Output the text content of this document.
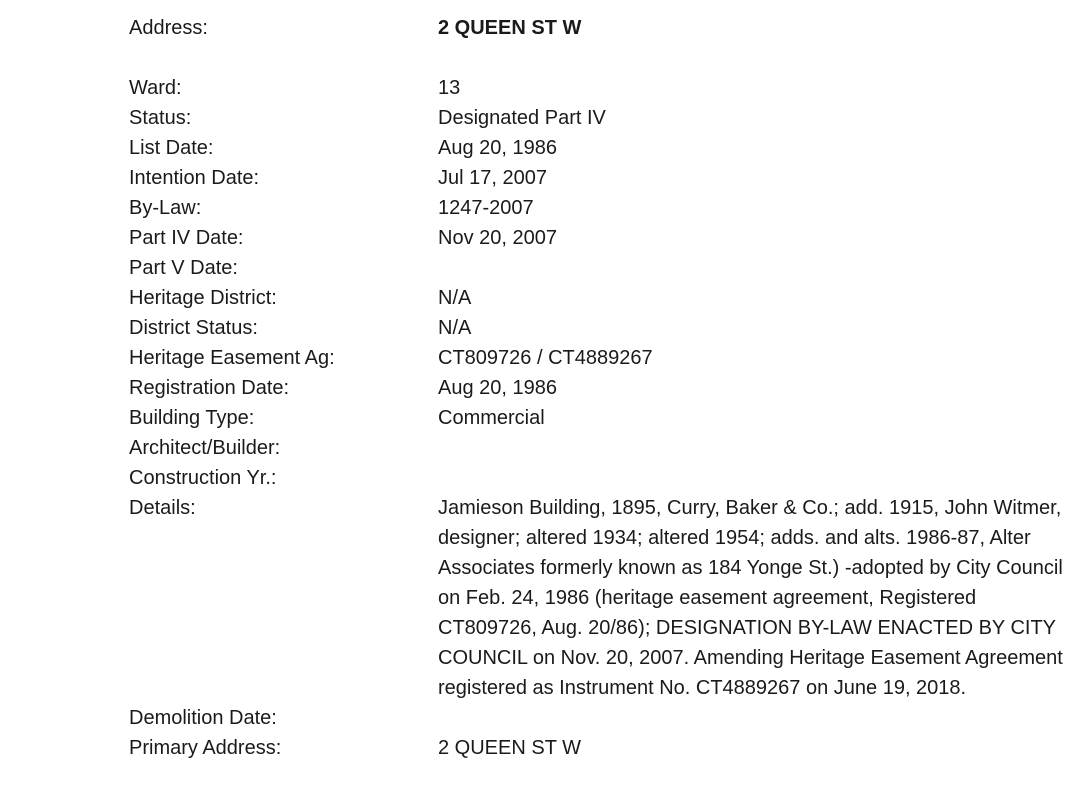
Address:	2 QUEEN ST W
Ward:	13
Status:	Designated Part IV
List Date:	Aug 20, 1986
Intention Date:	Jul 17, 2007
By-Law:	1247-2007
Part IV Date:	Nov 20, 2007
Part V Date:
Heritage District:	N/A
District Status:	N/A
Heritage Easement Ag:	CT809726 / CT4889267
Registration Date:	Aug 20, 1986
Building Type:	Commercial
Architect/Builder:
Construction Yr.:
Details:	Jamieson Building, 1895, Curry, Baker & Co.; add. 1915, John Witmer, designer; altered 1934; altered 1954; adds. and alts. 1986-87, Alter Associates formerly known as 184 Yonge St.) -adopted by City Council on Feb. 24, 1986 (heritage easement agreement, Registered CT809726, Aug. 20/86); DESIGNATION BY-LAW ENACTED BY CITY COUNCIL on Nov. 20, 2007. Amending Heritage Easement Agreement registered as Instrument No. CT4889267 on June 19, 2018.
Demolition Date:
Primary Address:	2 QUEEN ST W
